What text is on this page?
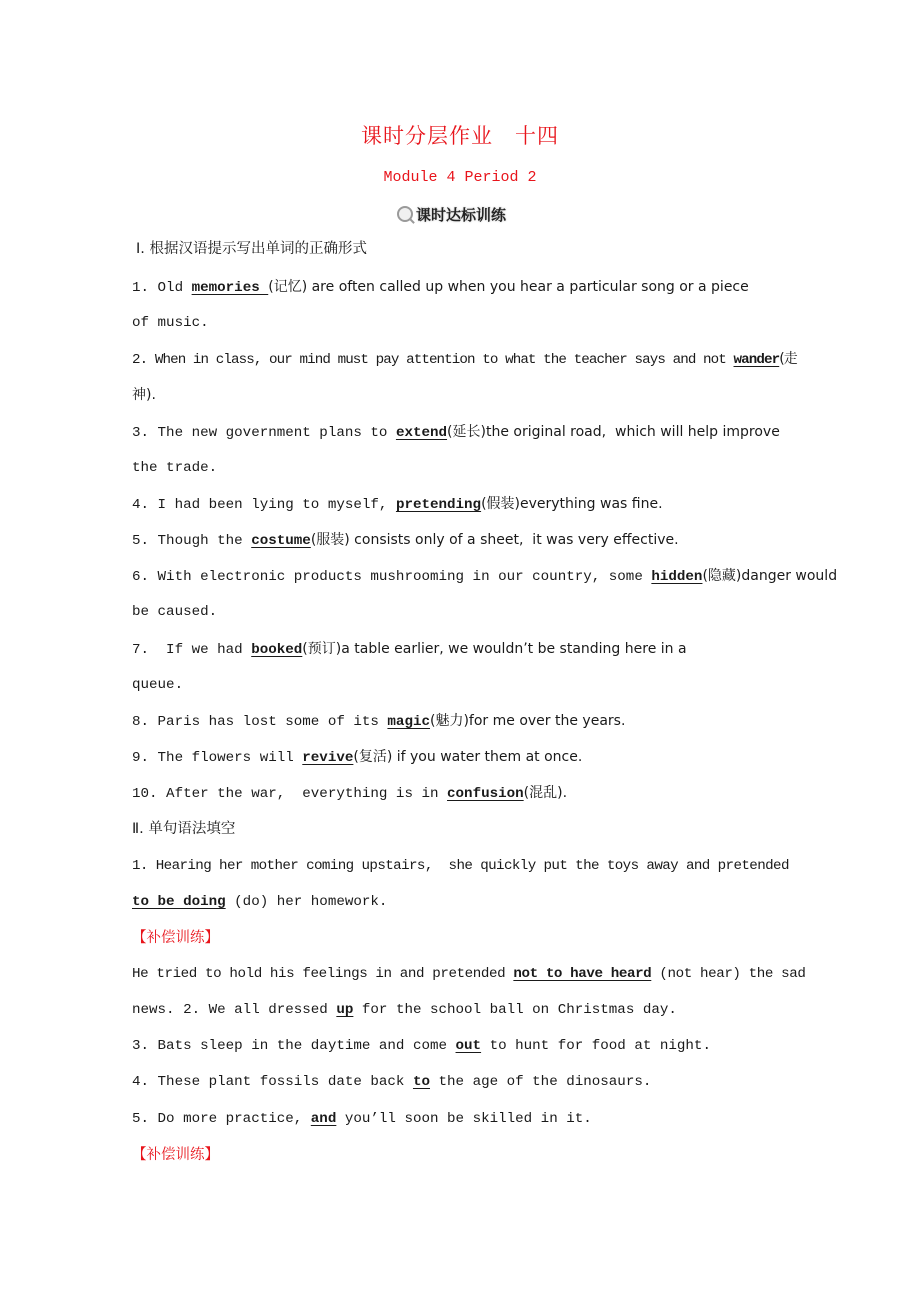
课时分层作业 十四
Module 4 Period 2
课时达标训练
Ⅰ. 根据汉语提示写出单词的正确形式
1. Old memories (记忆) are often called up when you hear a particular song or a piece
of music.
2. When in class, our mind must pay attention to what the teacher says and not wander(走
神).
3. The new government plans to extend(延长)the original road,  which will help improve
the trade.
4. I had been lying to myself, pretending(假装)everything was fine.
5. Though the costume(服装) consists only of a sheet,  it was very effective.
6. With electronic products mushrooming in our country, some hidden(隐藏)danger would
be caused.
7.  If we had booked(预订)a table earlier, we wouldn’t be standing here in a
queue.
8. Paris has lost some of its magic(魅力)for me over the years.
9. The flowers will revive(复活) if you water them at once.
10. After the war,  everything is in confusion(混乱).
Ⅱ. 单句语法填空
1. Hearing her mother coming upstairs,  she quickly put the toys away and pretended
to be doing (do) her homework.
【补偿训练】
He tried to hold his feelings in and pretended not to have heard (not hear) the sad
news. 2. We all dressed up for the school ball on Christmas day.
3. Bats sleep in the daytime and come out to hunt for food at night.
4. These plant fossils date back to the age of the dinosaurs.
5. Do more practice, and you’ll soon be skilled in it.
【补偿训练】
